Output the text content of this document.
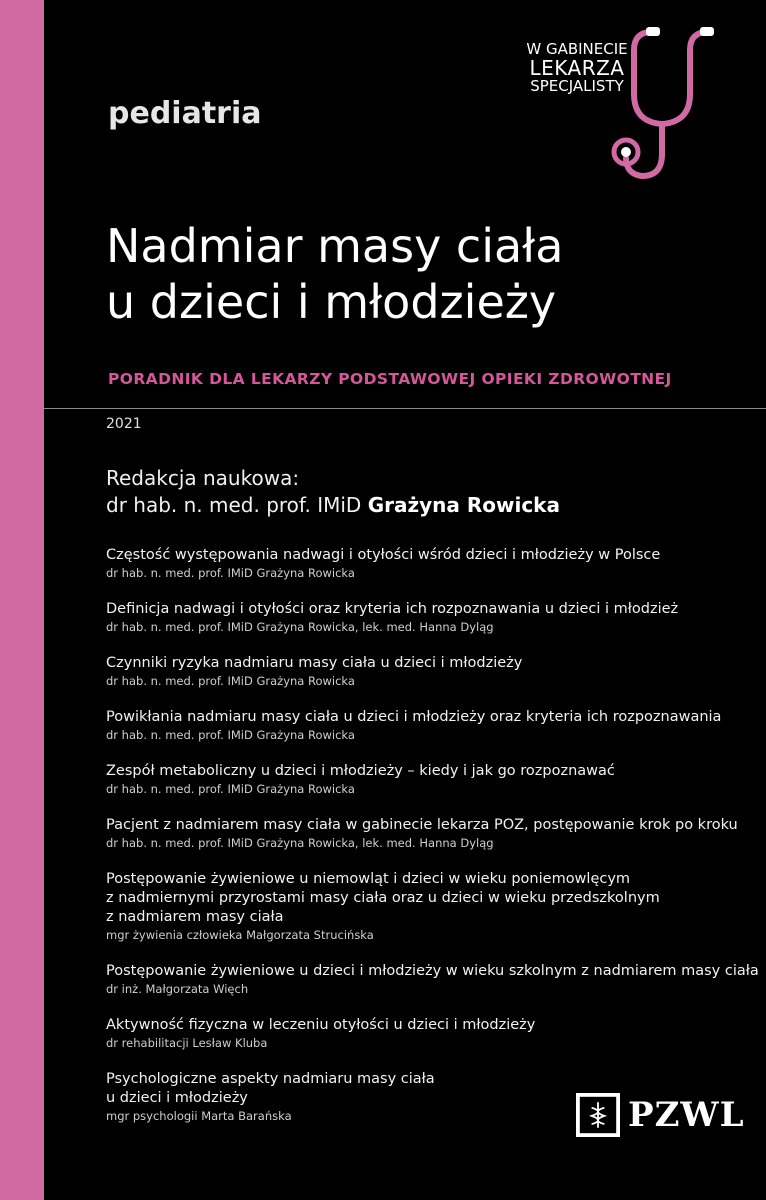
W GABINECIE
LEKARZA
SPECJALISTY
pediatria
Nadmiar masy ciała
u dzieci i młodzieży
PORADNIK DLA LEKARZY PODSTAWOWEJ OPIEKI ZDROWOTNEJ
2021
Redakcja naukowa:
dr hab. n. med. prof. IMiD Grażyna Rowicka
Częstość występowania nadwagi i otyłości wśród dzieci i młodzieży w Polsce
dr hab. n. med. prof. IMiD Grażyna Rowicka
Definicja nadwagi i otyłości oraz kryteria ich rozpoznawania u dzieci i młodzież
dr hab. n. med. prof. IMiD Grażyna Rowicka, lek. med. Hanna Dyląg
Czynniki ryzyka nadmiaru masy ciała u dzieci i młodzieży
dr hab. n. med. prof. IMiD Grażyna Rowicka
Powikłania nadmiaru masy ciała u dzieci i młodzieży oraz kryteria ich rozpoznawania
dr hab. n. med. prof. IMiD Grażyna Rowicka
Zespół metaboliczny u dzieci i młodzieży – kiedy i jak go rozpoznawać
dr hab. n. med. prof. IMiD Grażyna Rowicka
Pacjent z nadmiarem masy ciała w gabinecie lekarza POZ, postępowanie krok po kroku
dr hab. n. med. prof. IMiD Grażyna Rowicka, lek. med. Hanna Dyląg
Postępowanie żywieniowe u niemowląt i dzieci w wieku poniemowlęcym
z nadmiernymi przyrostami masy ciała oraz u dzieci w wieku przedszkolnym
z nadmiarem masy ciała
mgr żywienia człowieka Małgorzata Strucińska
Postępowanie żywieniowe u dzieci i młodzieży w wieku szkolnym z nadmiarem masy ciała
dr inż. Małgorzata Więch
Aktywność fizyczna w leczeniu otyłości u dzieci i młodzieży
dr rehabilitacji Lesław Kluba
Psychologiczne aspekty nadmiaru masy ciała
u dzieci i młodzieży
mgr psychologii Marta Barańska	PZWL
